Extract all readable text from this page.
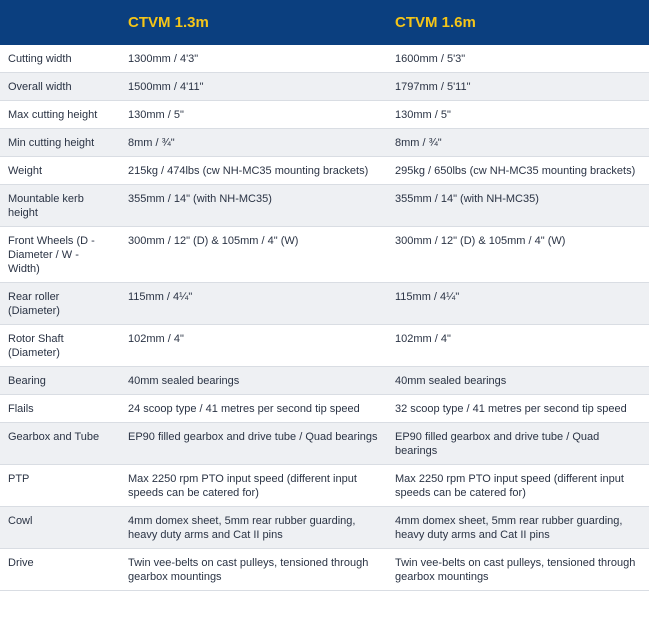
	CTVM 1.3m	CTVM 1.6m
Cutting width	1300mm / 4'3"	1600mm / 5'3"
Overall width	1500mm / 4'11"	1797mm / 5'11"
Max cutting height	130mm / 5"	130mm / 5"
Min cutting height	8mm / ¾"	8mm / ¾"
Weight	215kg / 474lbs (cw NH-MC35 mounting brackets)	295kg / 650lbs (cw NH-MC35 mounting brackets)
Mountable kerb height	355mm / 14" (with NH-MC35)	355mm / 14" (with NH-MC35)
Front Wheels (D - Diameter / W - Width)	300mm / 12" (D) & 105mm / 4" (W)	300mm / 12" (D) & 105mm / 4" (W)
Rear roller (Diameter)	115mm / 4¼"	115mm / 4¼"
Rotor Shaft (Diameter)	102mm / 4"	102mm / 4"
Bearing	40mm sealed bearings	40mm sealed bearings
Flails	24 scoop type / 41 metres per second tip speed	32 scoop type / 41 metres per second tip speed
Gearbox and Tube	EP90 filled gearbox and drive tube / Quad bearings	EP90 filled gearbox and drive tube / Quad bearings
PTP	Max 2250 rpm PTO input speed (different input speeds can be catered for)	Max 2250 rpm PTO input speed (different input speeds can be catered for)
Cowl	4mm domex sheet, 5mm rear rubber guarding, heavy duty arms and Cat II pins	4mm domex sheet, 5mm rear rubber guarding, heavy duty arms and Cat II pins
Drive	Twin vee-belts on cast pulleys, tensioned through gearbox mountings	Twin vee-belts on cast pulleys, tensioned through gearbox mountings
